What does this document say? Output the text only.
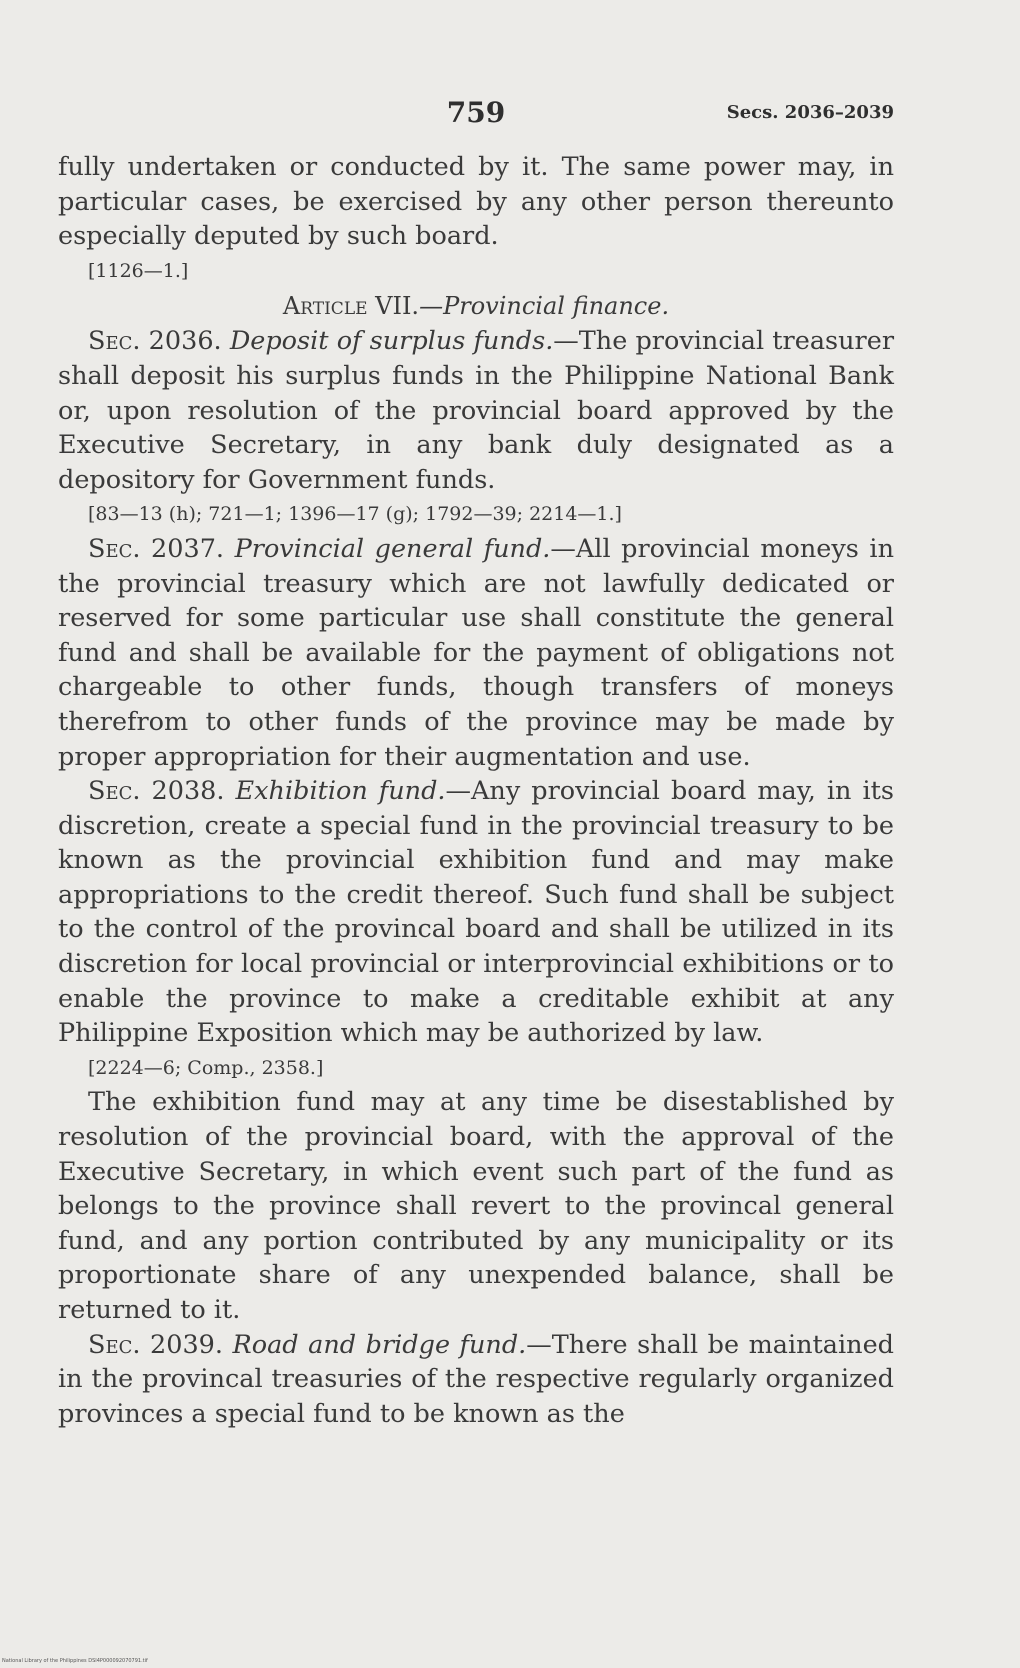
759	Secs. 2036–2039

fully undertaken or conducted by it. The same power may, in particular cases, be exercised by any other person thereunto especially deputed by such board.

[1126—1.]

Article VII.—Provincial finance.

Sec. 2036. Deposit of surplus funds.—The provincial treasurer shall deposit his surplus funds in the Philippine National Bank or, upon resolution of the provincial board approved by the Executive Secretary, in any bank duly designated as a depository for Government funds.

[83—13 (h); 721—1; 1396—17 (g); 1792—39; 2214—1.]

Sec. 2037. Provincial general fund.—All provincial moneys in the provincial treasury which are not lawfully dedicated or reserved for some particular use shall constitute the general fund and shall be available for the payment of obligations not chargeable to other funds, though transfers of moneys therefrom to other funds of the province may be made by proper appropriation for their augmentation and use.

Sec. 2038. Exhibition fund.—Any provincial board may, in its discretion, create a special fund in the provincial treasury to be known as the provincial exhibition fund and may make appropriations to the credit thereof. Such fund shall be subject to the control of the provincal board and shall be utilized in its discretion for local provincial or interprovincial exhibitions or to enable the province to make a creditable exhibit at any Philippine Exposition which may be authorized by law.

[2224—6; Comp., 2358.]

The exhibition fund may at any time be disestablished by resolution of the provincial board, with the approval of the Executive Secretary, in which event such part of the fund as belongs to the province shall revert to the provincal general fund, and any portion contributed by any municipality or its proportionate share of any unexpended balance, shall be returned to it.

Sec. 2039. Road and bridge fund.—There shall be maintained in the provincal treasuries of the respective regularly organized provinces a special fund to be known as the

National Library of the Philippines DSI4P000092070791.tif
